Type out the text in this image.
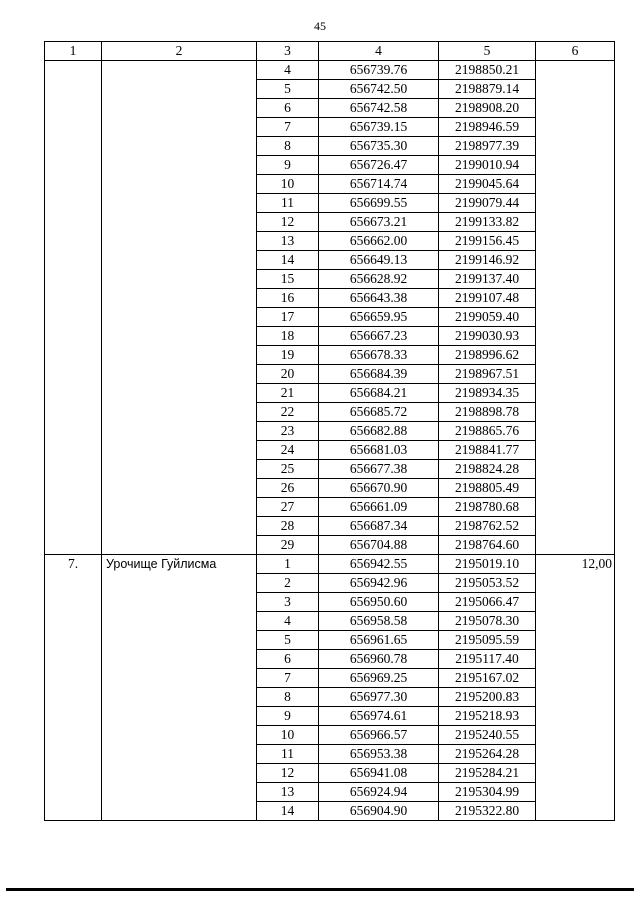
45
1	2	3	4	5	6
		4	656739.76	2198850.21	
		5	656742.50	2198879.14	
		6	656742.58	2198908.20	
		7	656739.15	2198946.59	
		8	656735.30	2198977.39	
		9	656726.47	2199010.94	
		10	656714.74	2199045.64	
		11	656699.55	2199079.44	
		12	656673.21	2199133.82	
		13	656662.00	2199156.45	
		14	656649.13	2199146.92	
		15	656628.92	2199137.40	
		16	656643.38	2199107.48	
		17	656659.95	2199059.40	
		18	656667.23	2199030.93	
		19	656678.33	2198996.62	
		20	656684.39	2198967.51	
		21	656684.21	2198934.35	
		22	656685.72	2198898.78	
		23	656682.88	2198865.76	
		24	656681.03	2198841.77	
		25	656677.38	2198824.28	
		26	656670.90	2198805.49	
		27	656661.09	2198780.68	
		28	656687.34	2198762.52	
		29	656704.88	2198764.60	
7.	Урочище Гуйлисма	1	656942.55	2195019.10	12,00
		2	656942.96	2195053.52	
		3	656950.60	2195066.47	
		4	656958.58	2195078.30	
		5	656961.65	2195095.59	
		6	656960.78	2195117.40	
		7	656969.25	2195167.02	
		8	656977.30	2195200.83	
		9	656974.61	2195218.93	
		10	656966.57	2195240.55	
		11	656953.38	2195264.28	
		12	656941.08	2195284.21	
		13	656924.94	2195304.99	
		14	656904.90	2195322.80	
